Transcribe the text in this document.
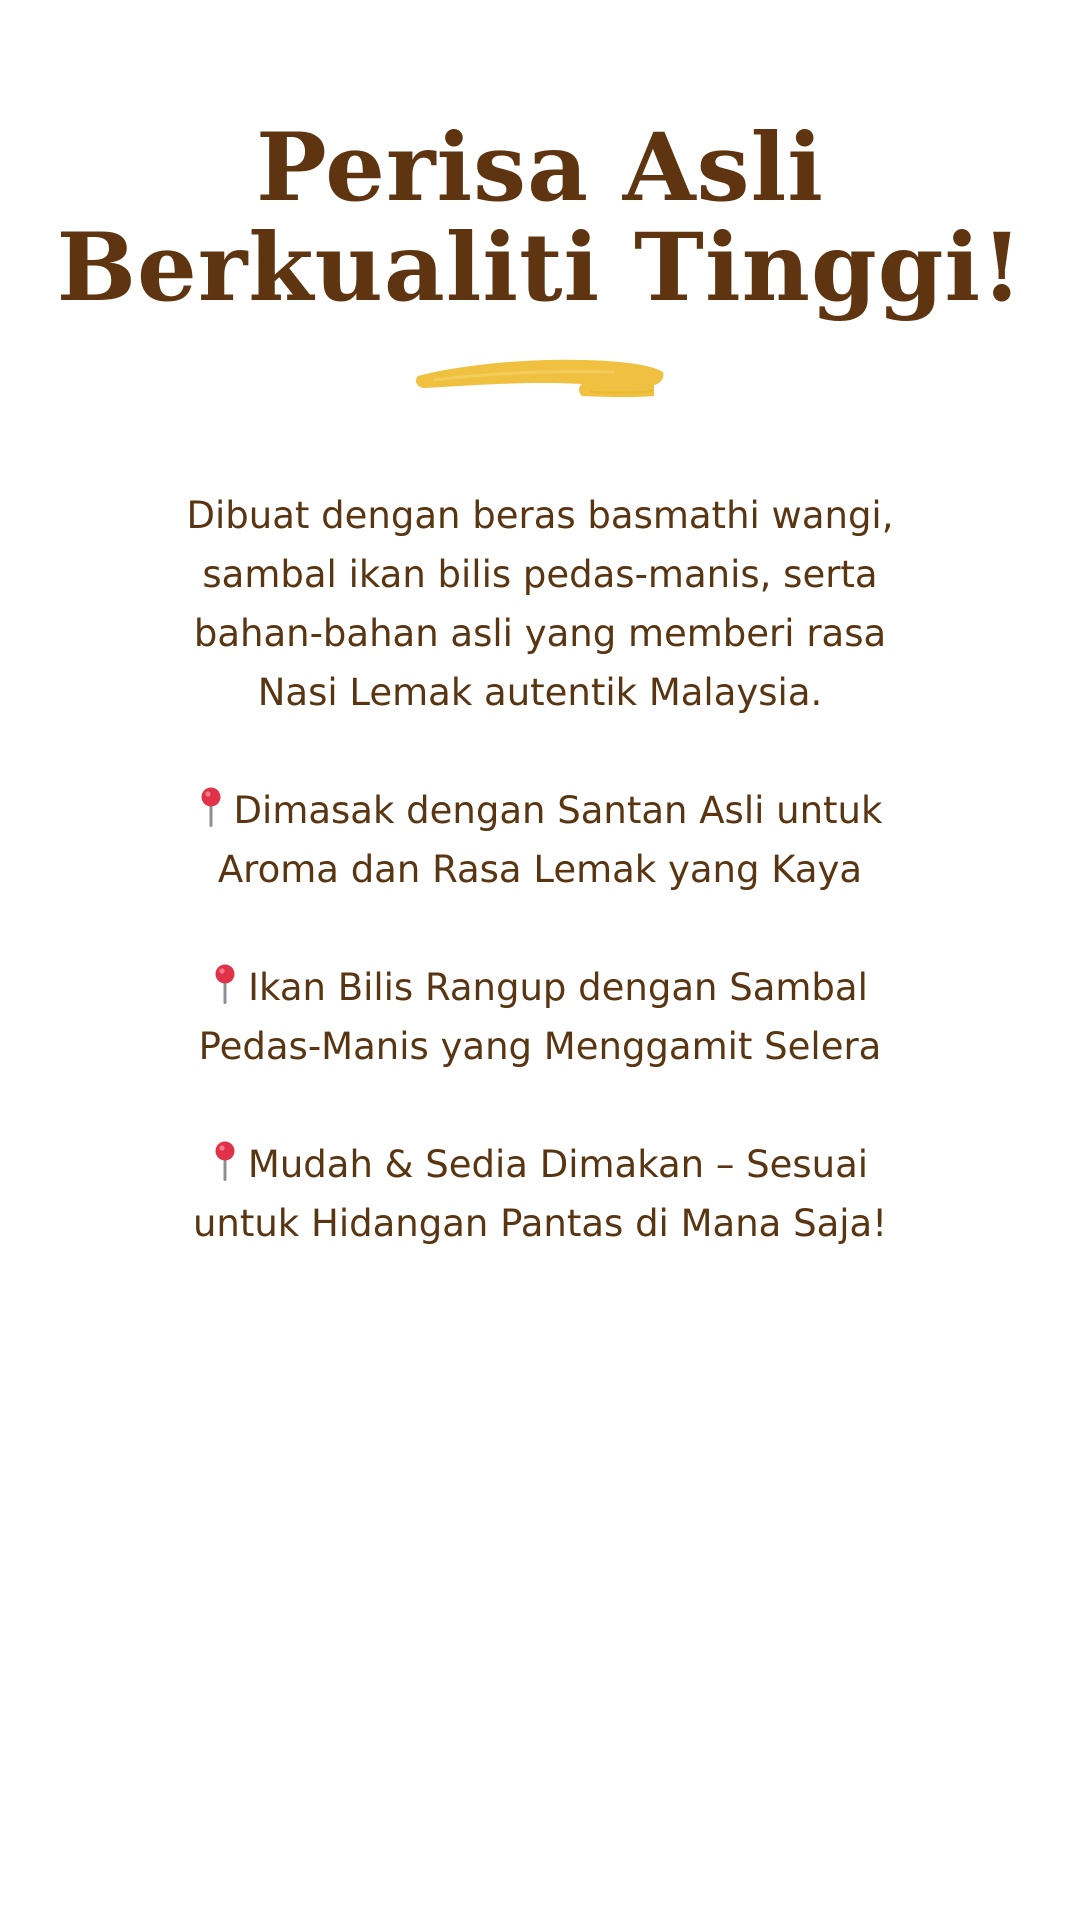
Perisa Asli
Berkualiti Tinggi!

Dibuat dengan beras basmathi wangi,
sambal ikan bilis pedas-manis, serta
bahan-bahan asli yang memberi rasa
Nasi Lemak autentik Malaysia.

Dimasak dengan Santan Asli untuk
Aroma dan Rasa Lemak yang Kaya

Ikan Bilis Rangup dengan Sambal
Pedas-Manis yang Menggamit Selera

Mudah & Sedia Dimakan – Sesuai
untuk Hidangan Pantas di Mana Saja!
